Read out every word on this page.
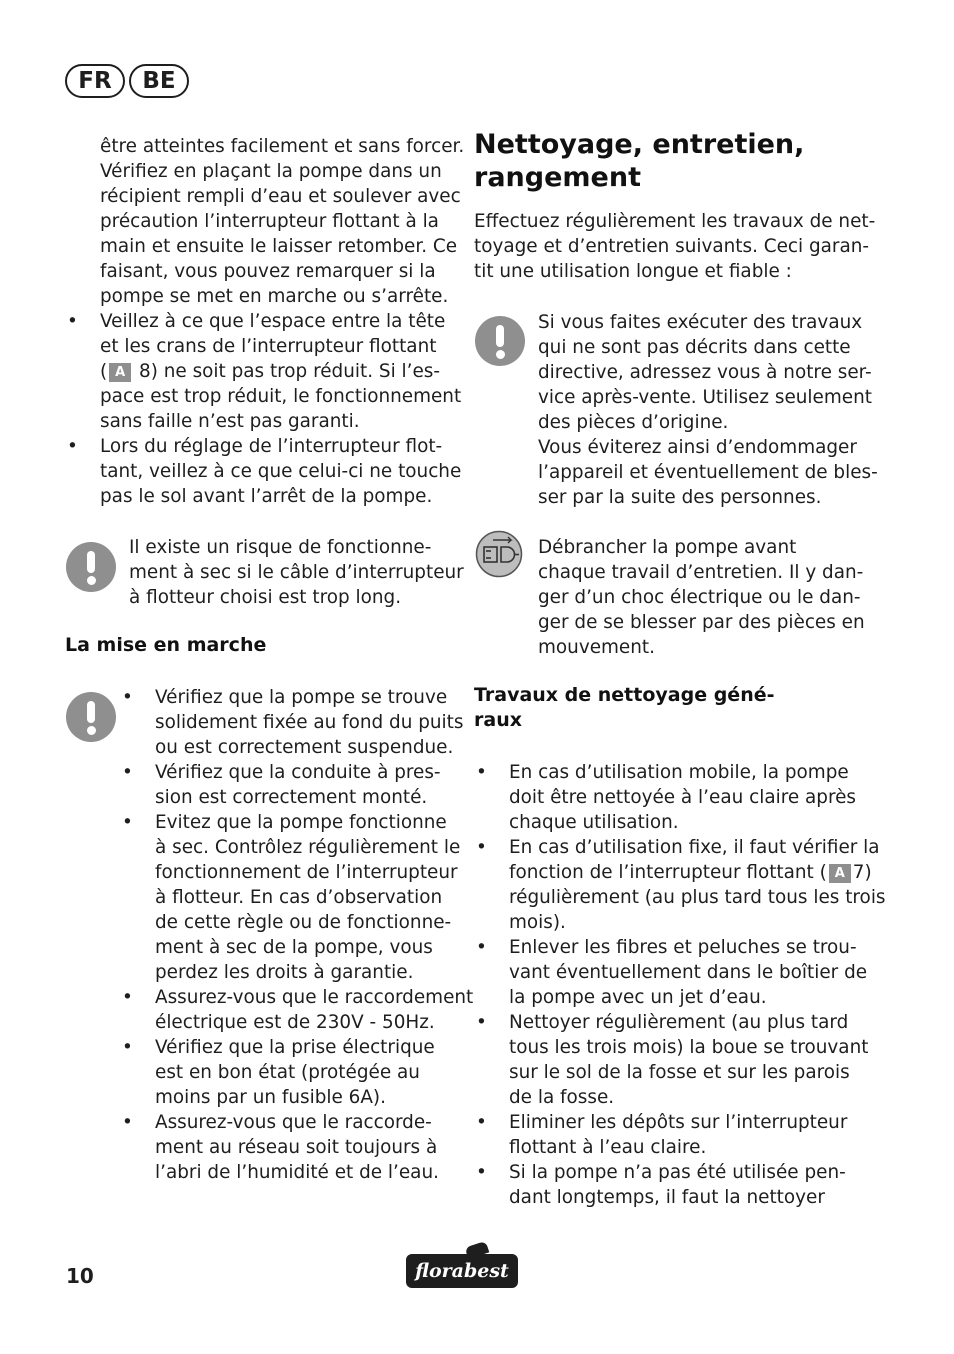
FR	BE
être atteintes facilement et sans forcer.
Vérifiez en plaçant la pompe dans un
récipient rempli d’eau et soulever avec
précaution l’interrupteur flottant à la
main et ensuite le laisser retomber. Ce
faisant, vous pouvez remarquer si la
pompe se met en marche ou s’arrête.
• Veillez à ce que l’espace entre la tête
et les crans de l’interrupteur flottant
( A 8) ne soit pas trop réduit. Si l’es-
pace est trop réduit, le fonctionnement
sans faille n’est pas garanti.
• Lors du réglage de l’interrupteur flot-
tant, veillez à ce que celui-ci ne touche
pas le sol avant l’arrêt de la pompe.
Il existe un risque de fonctionne-
ment à sec si le câble d’interrupteur
à flotteur choisi est trop long.
La mise en marche
• Vérifiez que la pompe se trouve
solidement fixée au fond du puits
ou est correctement suspendue.
• Vérifiez que la conduite à pres-
sion est correctement monté.
• Evitez que la pompe fonctionne
à sec. Contrôlez régulièrement le
fonctionnement de l’interrupteur
à flotteur. En cas d’observation
de cette règle ou de fonctionne-
ment à sec de la pompe, vous
perdez les droits à garantie.
• Assurez-vous que le raccordement
électrique est de 230V - 50Hz.
• Vérifiez que la prise électrique
est en bon état (protégée au
moins par un fusible 6A).
• Assurez-vous que le raccorde-
ment au réseau soit toujours à
l’abri de l’humidité et de l’eau.
Nettoyage, entretien,
rangement
Effectuez régulièrement les travaux de net-
toyage et d’entretien suivants. Ceci garan-
tit une utilisation longue et fiable :
Si vous faites exécuter des travaux
qui ne sont pas décrits dans cette
directive, adressez vous à notre ser-
vice après-vente. Utilisez seulement
des pièces d’origine.
Vous éviterez ainsi d’endommager
l’appareil et éventuellement de bles-
ser par la suite des personnes.
Débrancher la pompe avant
chaque travail d’entretien. Il y dan-
ger d’un choc électrique ou le dan-
ger de se blesser par des pièces en
mouvement.
Travaux de nettoyage géné-
raux
• En cas d’utilisation mobile, la pompe
doit être nettoyée à l’eau claire après
chaque utilisation.
• En cas d’utilisation fixe, il faut vérifier la
fonction de l’interrupteur flottant ( A 7)
régulièrement (au plus tard tous les trois
mois).
• Enlever les fibres et peluches se trou-
vant éventuellement dans le boîtier de
la pompe avec un jet d’eau.
• Nettoyer régulièrement (au plus tard
tous les trois mois) la boue se trouvant
sur le sol de la fosse et sur les parois
de la fosse.
• Eliminer les dépôts sur l’interrupteur
flottant à l’eau claire.
• Si la pompe n’a pas été utilisée pen-
dant longtemps, il faut la nettoyer
10	florabest
